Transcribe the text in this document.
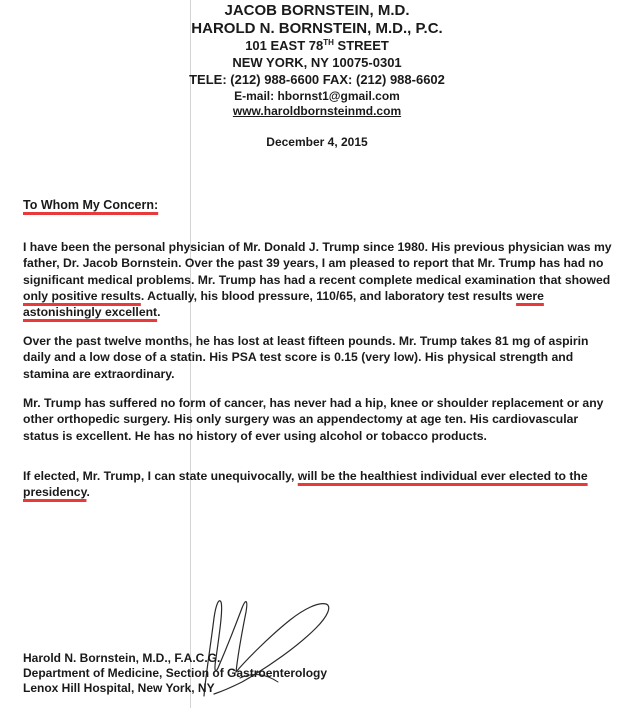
JACOB BORNSTEIN, M.D.
HAROLD N. BORNSTEIN, M.D., P.C.
101 EAST 78TH STREET
NEW YORK, NY 10075-0301
TELE: (212) 988-6600 FAX: (212) 988-6602
E-mail: hbornst1@gmail.com
www.haroldbornsteinmd.com
December 4, 2015
To Whom My Concern:
I have been the personal physician of Mr. Donald J. Trump since 1980. His previous physician was my father, Dr. Jacob Bornstein. Over the past 39 years, I am pleased to report that Mr. Trump has had no significant medical problems. Mr. Trump has had a recent complete medical examination that showed only positive results. Actually, his blood pressure, 110/65, and laboratory test results were astonishingly excellent.
Over the past twelve months, he has lost at least fifteen pounds. Mr. Trump takes 81 mg of aspirin daily and a low dose of a statin. His PSA test score is 0.15 (very low). His physical strength and stamina are extraordinary.
Mr. Trump has suffered no form of cancer, has never had a hip, knee or shoulder replacement or any other orthopedic surgery. His only surgery was an appendectomy at age ten. His cardiovascular status is excellent. He has no history of ever using alcohol or tobacco products.
If elected, Mr. Trump, I can state unequivocally, will be the healthiest individual ever elected to the presidency.
Harold N. Bornstein, M.D., F.A.C.G.
Department of Medicine, Section of Gastroenterology
Lenox Hill Hospital, New York, NY
